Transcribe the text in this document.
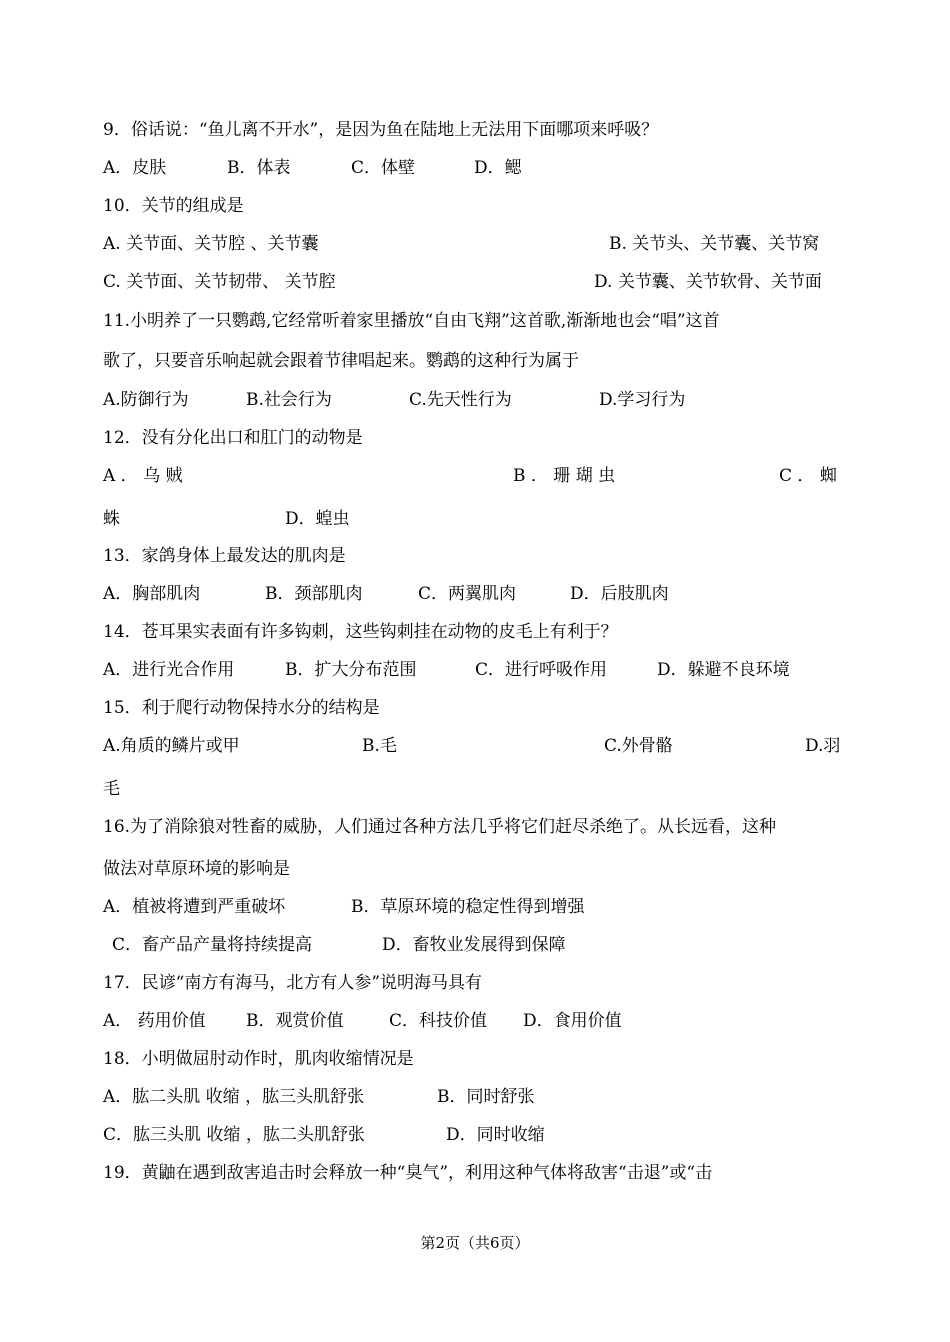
9．俗话说：“鱼儿离不开水”，是因为鱼在陆地上无法用下面哪项来呼吸？
A．皮肤	B．体表	C．体壁	D．鳃
10．关节的组成是
A. 关节面、关节腔 、关节囊	B. 关节头、关节囊、关节窝
C. 关节面、关节韧带、 关节腔	D. 关节囊、关节软骨、关节面
11.小明养了一只鹦鹉,它经常听着家里播放“自由飞翔”这首歌,渐渐地也会“唱”这首
歌了，只要音乐响起就会跟着节律唱起来。鹦鹉的这种行为属于
A.防御行为	B.社会行为	C.先天性行为	D.学习行为
12．没有分化出口和肛门的动物是
A ． 乌 贼	B ． 珊 瑚 虫	C ． 蜘
蛛	D．蝗虫
13．家鸽身体上最发达的肌肉是
A．胸部肌肉	B．颈部肌肉	C．两翼肌肉	D．后肢肌肉
14．苍耳果实表面有许多钩刺，这些钩刺挂在动物的皮毛上有利于？
A．进行光合作用	B．扩大分布范围	C．进行呼吸作用	D．躲避不良环境
15．利于爬行动物保持水分的结构是
A.角质的鳞片或甲	B.毛	C.外骨骼	D.羽
毛
16.为了消除狼对牲畜的威胁，人们通过各种方法几乎将它们赶尽杀绝了。从长远看，这种
做法对草原环境的影响是
A．植被将遭到严重破坏	B．草原环境的稳定性得到增强
C．畜产品产量将持续提高	D．畜牧业发展得到保障
17．民谚“南方有海马，北方有人参”说明海马具有
A． 药用价值 B．观赏价值	C．科技价值 D．食用价值
18．小明做屈肘动作时，肌肉收缩情况是
A．肱二头肌 收缩 ，肱三头肌舒张	B．同时舒张
C．肱三头肌 收缩 ，肱二头肌舒张	D．同时收缩
19．黄鼬在遇到敌害追击时会释放一种“臭气”，利用这种气体将敌害“击退”或“击
第2页（共6页）
